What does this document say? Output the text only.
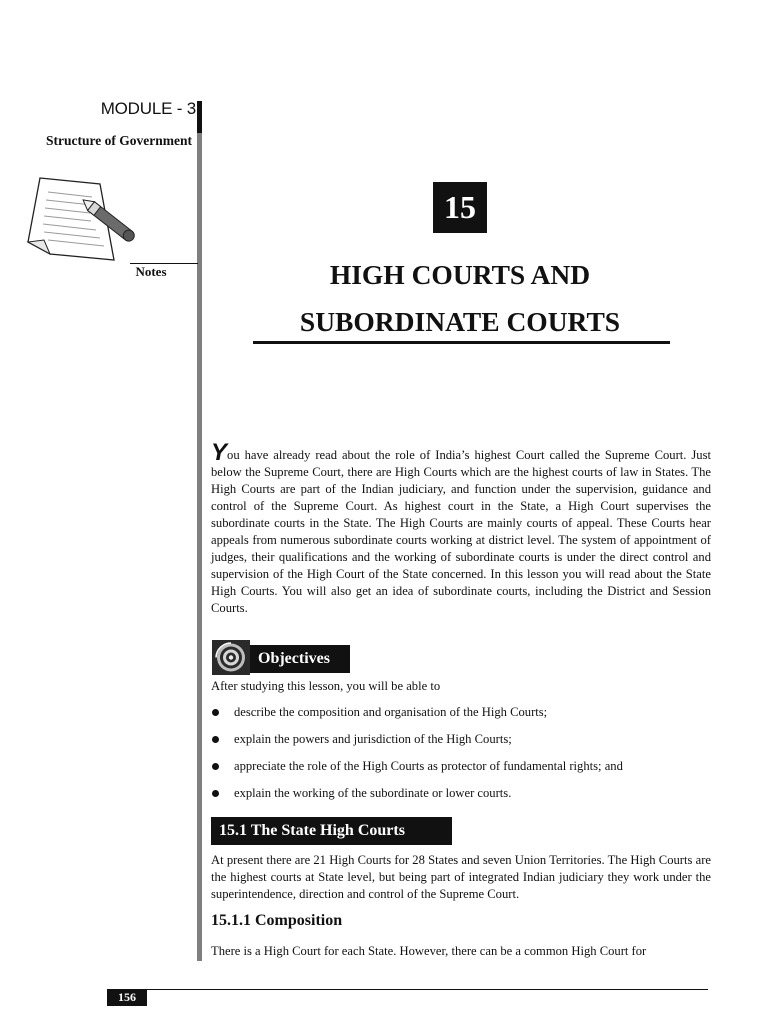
MODULE - 3
Structure of Government
Notes
15
HIGH COURTS AND
SUBORDINATE COURTS
You have already read about the role of India’s highest Court called the Supreme Court. Just below the Supreme Court, there are High Courts which are the highest courts of law in States. The High Courts are part of the Indian judiciary, and function under the supervision, guidance and control of the Supreme Court. As highest court in the State, a High Court supervises the subordinate courts in the State. The High Courts are mainly courts of appeal. These Courts hear appeals from numerous subordinate courts working at district level. The system of appointment of judges, their qualifications and the working of subordinate courts is under the direct control and supervision of the High Court of the State concerned. In this lesson you will read about the State High Courts. You will also get an idea of subordinate courts, including the District and Session Courts.
Objectives
After studying this lesson, you will be able to
describe the composition and organisation of the High Courts;
explain the powers and jurisdiction of the High Courts;
appreciate the role of the High Courts as protector of fundamental rights; and
explain the working of the subordinate or lower courts.
15.1 The State High Courts
At present there are 21 High Courts for 28 States and seven Union Territories. The High Courts are the highest courts at State level, but being part of integrated Indian judiciary they work under the superintendence, direction and control of the Supreme Court.
15.1.1 Composition
There is a High Court for each State. However, there can be a common High Court for
156
